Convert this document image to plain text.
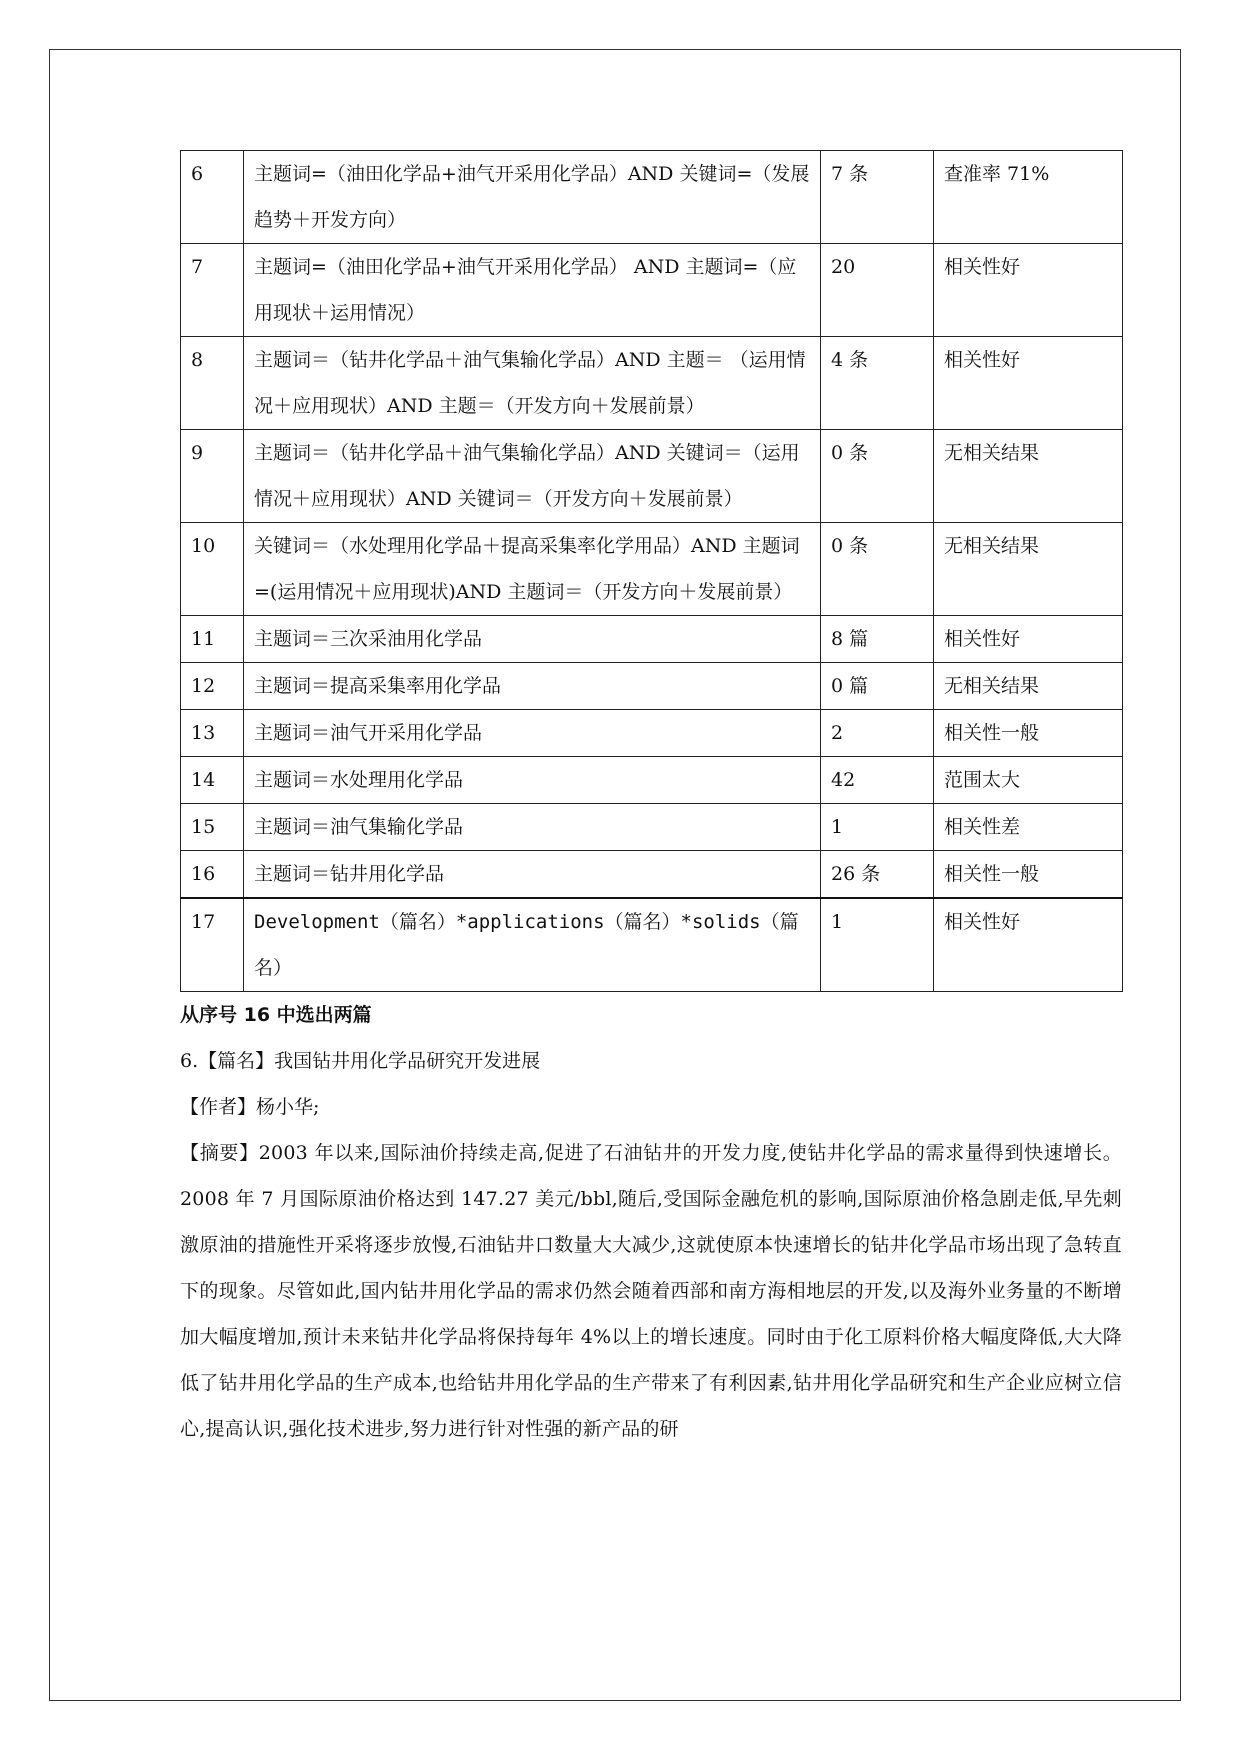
6	主题词=（油田化学品+油气开采用化学品）AND 关键词=（发展趋势＋开发方向）	7 条	查准率 71%
7	主题词=（油田化学品+油气开采用化学品） AND 主题词=（应用现状＋运用情况）	20	相关性好
8	主题词＝（钻井化学品＋油气集输化学品）AND 主题＝ （运用情况＋应用现状）AND 主题＝（开发方向＋发展前景）	4 条	相关性好
9	主题词＝（钻井化学品＋油气集输化学品）AND 关键词＝（运用情况＋应用现状）AND 关键词＝（开发方向＋发展前景）	0 条	无相关结果
10	关键词＝（水处理用化学品＋提高采集率化学用品）AND 主题词=(运用情况＋应用现状)AND 主题词＝（开发方向＋发展前景）	0 条	无相关结果
11	主题词＝三次采油用化学品	8 篇	相关性好
12	主题词＝提高采集率用化学品	0 篇	无相关结果
13	主题词＝油气开采用化学品	2	相关性一般
14	主题词＝水处理用化学品	42	范围太大
15	主题词＝油气集输化学品	1	相关性差
16	主题词＝钻井用化学品	26 条	相关性一般
17	Development（篇名）*applications（篇名）*solids（篇名）	1	相关性好

从序号 16 中选出两篇

6.【篇名】我国钻井用化学品研究开发进展

【作者】杨小华;

【摘要】2003 年以来,国际油价持续走高,促进了石油钻井的开发力度,使钻井化学品的需求量得到快速增长。2008 年 7 月国际原油价格达到 147.27 美元/bbl,随后,受国际金融危机的影响,国际原油价格急剧走低,早先刺激原油的措施性开采将逐步放慢,石油钻井口数量大大减少,这就使原本快速增长的钻井化学品市场出现了急转直下的现象。尽管如此,国内钻井用化学品的需求仍然会随着西部和南方海相地层的开发,以及海外业务量的不断增加大幅度增加,预计未来钻井化学品将保持每年 4%以上的增长速度。同时由于化工原料价格大幅度降低,大大降低了钻井用化学品的生产成本,也给钻井用化学品的生产带来了有利因素,钻井用化学品研究和生产企业应树立信心,提高认识,强化技术进步,努力进行针对性强的新产品的研
